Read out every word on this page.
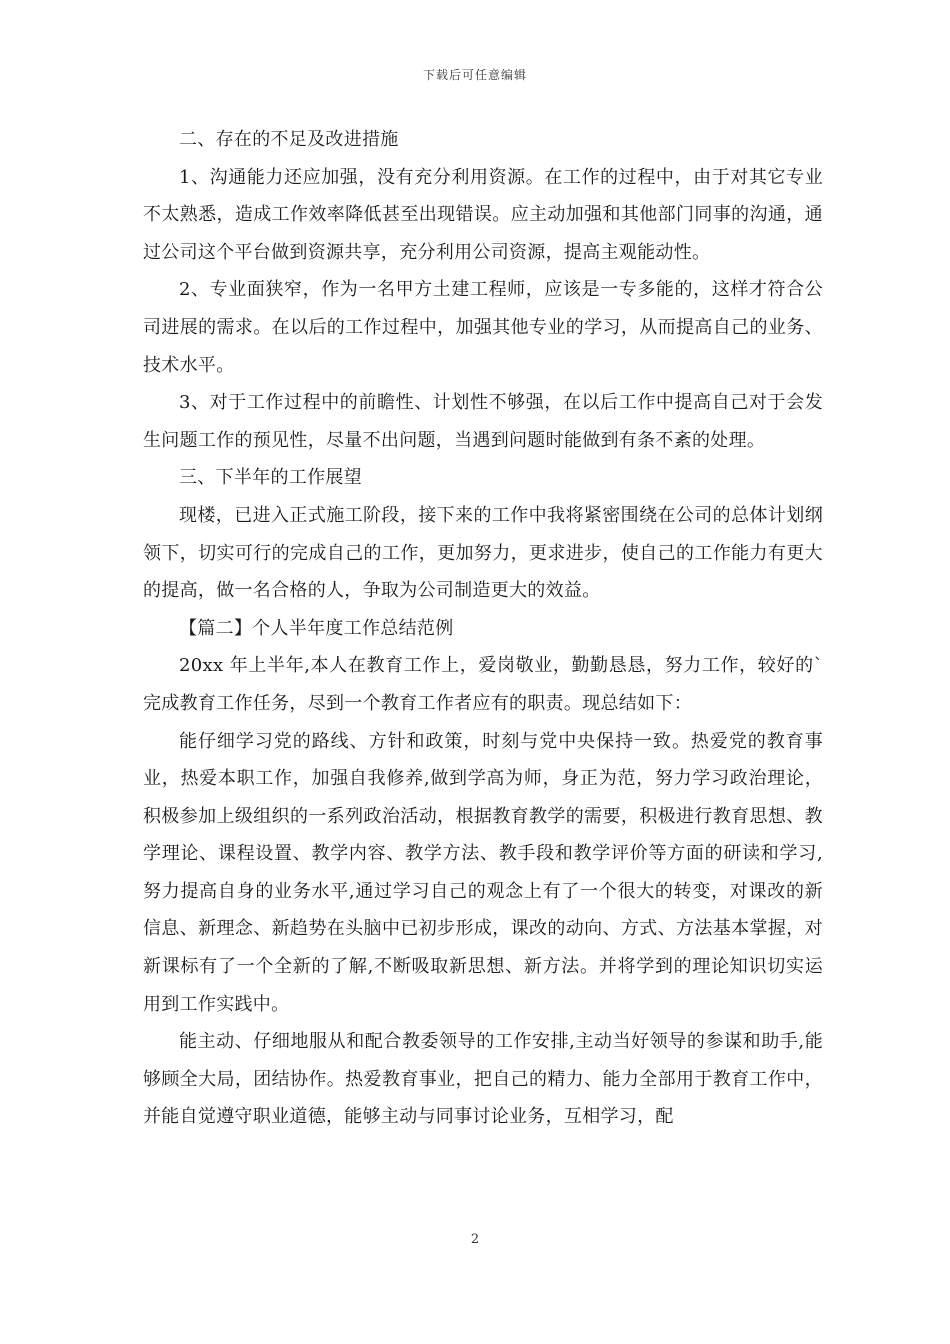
下载后可任意编辑

二、存在的不足及改进措施

1、沟通能力还应加强，没有充分利用资源。在工作的过程中，由于对其它专业不太熟悉，造成工作效率降低甚至出现错误。应主动加强和其他部门同事的沟通，通过公司这个平台做到资源共享，充分利用公司资源，提高主观能动性。

2、专业面狭窄，作为一名甲方土建工程师，应该是一专多能的，这样才符合公司进展的需求。在以后的工作过程中，加强其他专业的学习，从而提高自己的业务、技术水平。

3、对于工作过程中的前瞻性、计划性不够强，在以后工作中提高自己对于会发生问题工作的预见性，尽量不出问题，当遇到问题时能做到有条不紊的处理。

三、下半年的工作展望

现楼，已进入正式施工阶段，接下来的工作中我将紧密围绕在公司的总体计划纲领下，切实可行的完成自己的工作，更加努力，更求进步，使自己的工作能力有更大的提高，做一名合格的人，争取为公司制造更大的效益。

【篇二】个人半年度工作总结范例

20xx 年上半年,本人在教育工作上，爱岗敬业，勤勤恳恳，努力工作，较好的`完成教育工作任务，尽到一个教育工作者应有的职责。现总结如下：

能仔细学习党的路线、方针和政策，时刻与党中央保持一致。热爱党的教育事业，热爱本职工作，加强自我修养,做到学高为师，身正为范，努力学习政治理论，积极参加上级组织的一系列政治活动，根据教育教学的需要，积极进行教育思想、教学理论、课程设置、教学内容、教学方法、教手段和教学评价等方面的研读和学习,努力提高自身的业务水平,通过学习自己的观念上有了一个很大的转变，对课改的新信息、新理念、新趋势在头脑中已初步形成，课改的动向、方式、方法基本掌握，对新课标有了一个全新的了解,不断吸取新思想、新方法。并将学到的理论知识切实运用到工作实践中。

能主动、仔细地服从和配合教委领导的工作安排,主动当好领导的参谋和助手,能够顾全大局，团结协作。热爱教育事业，把自己的精力、能力全部用于教育工作中，并能自觉遵守职业道德，能够主动与同事讨论业务，互相学习，配

2
